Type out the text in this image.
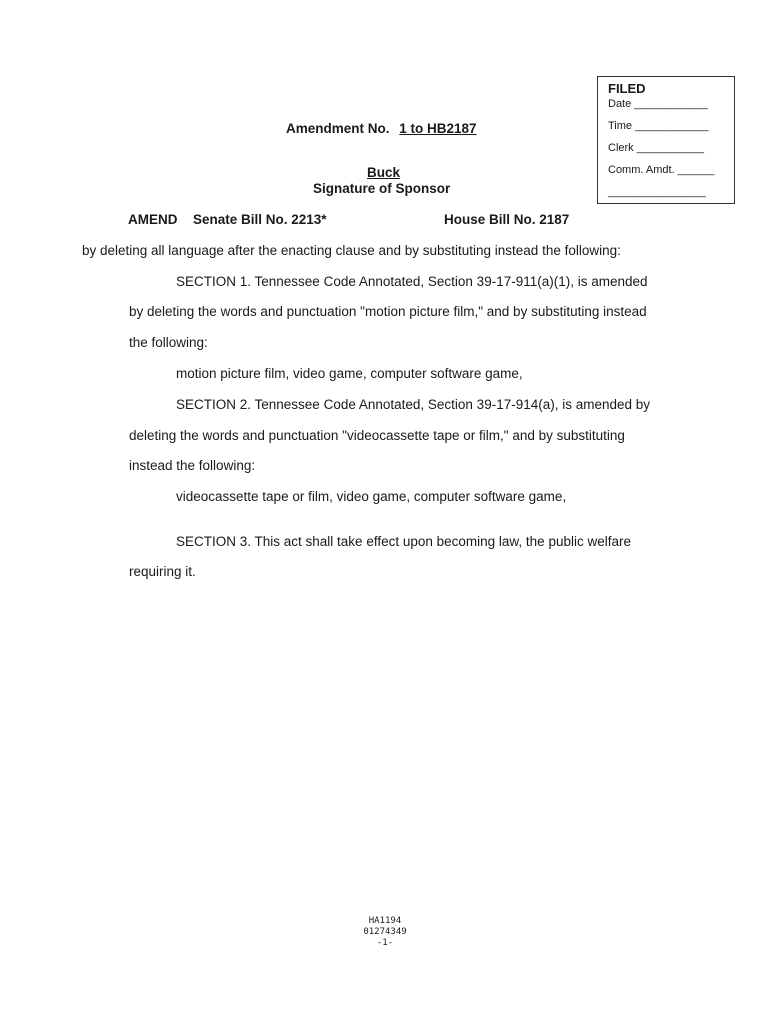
FILED
Date ____________
Time ____________
Clerk ___________
Comm. Amdt. ______
________________
Amendment No. 1 to HB2187
Buck
Signature of Sponsor
AMEND Senate Bill No. 2213*	House Bill No. 2187
by deleting all language after the enacting clause and by substituting instead the following:
SECTION 1. Tennessee Code Annotated, Section 39-17-911(a)(1), is amended
by deleting the words and punctuation "motion picture film," and by substituting instead
the following:
motion picture film, video game, computer software game,
SECTION 2. Tennessee Code Annotated, Section 39-17-914(a), is amended by
deleting the words and punctuation "videocassette tape or film," and by substituting
instead the following:
videocassette tape or film, video game, computer software game,
SECTION 3. This act shall take effect upon becoming law, the public welfare
requiring it.
HA1194
01274349
-1-
